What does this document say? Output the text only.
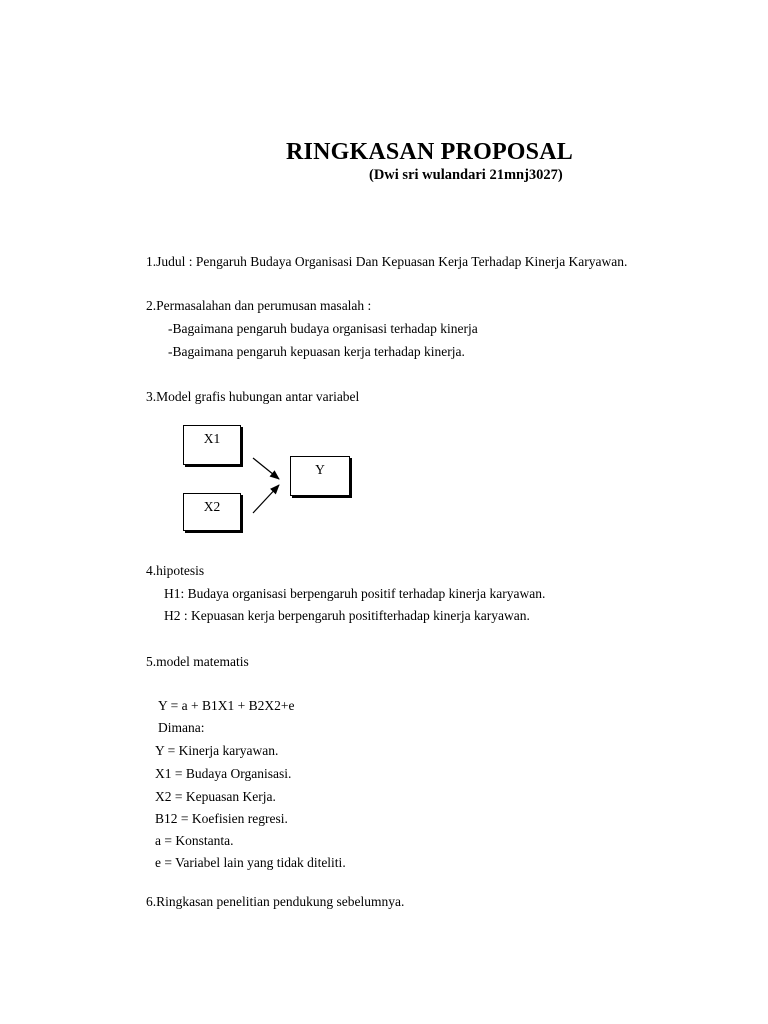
RINGKASAN PROPOSAL
(Dwi sri wulandari 21mnj3027)
1.Judul : Pengaruh Budaya Organisasi Dan Kepuasan Kerja Terhadap Kinerja Karyawan.
2.Permasalahan dan perumusan masalah :
-Bagaimana pengaruh budaya organisasi terhadap kinerja
-Bagaimana pengaruh kepuasan kerja terhadap kinerja.
3.Model grafis hubungan antar variabel
X1
X2
Y
4.hipotesis
H1: Budaya organisasi berpengaruh positif terhadap kinerja karyawan.
H2 : Kepuasan kerja berpengaruh positifterhadap kinerja karyawan.
5.model matematis
Y = a + B1X1 + B2X2+e
Dimana:
Y = Kinerja karyawan.
X1 = Budaya Organisasi.
X2 = Kepuasan Kerja.
B12 = Koefisien regresi.
a = Konstanta.
e = Variabel lain yang tidak diteliti.
6.Ringkasan penelitian pendukung sebelumnya.
